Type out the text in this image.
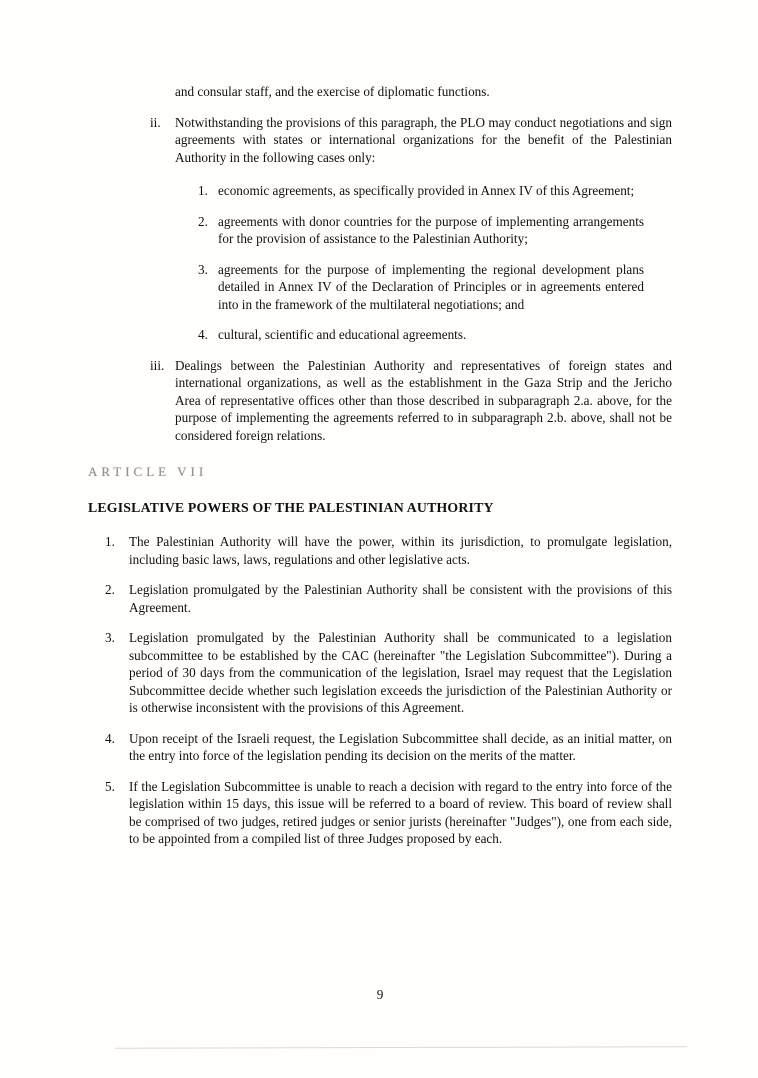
and consular staff, and the exercise of diplomatic functions.

ii.	Notwithstanding the provisions of this paragraph, the PLO may conduct negotiations and sign agreements with states or international organizations for the benefit of the Palestinian Authority in the following cases only:
1. economic agreements, as specifically provided in Annex IV of this Agreement;
2. agreements with donor countries for the purpose of implementing arrangements for the provision of assistance to the Palestinian Authority;
3. agreements for the purpose of implementing the regional development plans detailed in Annex IV of the Declaration of Principles or in agreements entered into in the framework of the multilateral negotiations; and
4. cultural, scientific and educational agreements.
iii. Dealings between the Palestinian Authority and representatives of foreign states and international organizations, as well as the establishment in the Gaza Strip and the Jericho Area of representative offices other than those described in subparagraph 2.a. above, for the purpose of implementing the agreements referred to in subparagraph 2.b. above, shall not be considered foreign relations.
ARTICLE VII
LEGISLATIVE POWERS OF THE PALESTINIAN AUTHORITY
1.	The Palestinian Authority will have the power, within its jurisdiction, to promulgate legislation, including basic laws, laws, regulations and other legislative acts.
2.	Legislation promulgated by the Palestinian Authority shall be consistent with the provisions of this Agreement.
3.	Legislation promulgated by the Palestinian Authority shall be communicated to a legislation subcommittee to be established by the CAC (hereinafter "the Legislation Subcommittee"). During a period of 30 days from the communication of the legislation, Israel may request that the Legislation Subcommittee decide whether such legislation exceeds the jurisdiction of the Palestinian Authority or is otherwise inconsistent with the provisions of this Agreement.
4.	Upon receipt of the Israeli request, the Legislation Subcommittee shall decide, as an initial matter, on the entry into force of the legislation pending its decision on the merits of the matter.
5.	If the Legislation Subcommittee is unable to reach a decision with regard to the entry into force of the legislation within 15 days, this issue will be referred to a board of review. This board of review shall be comprised of two judges, retired judges or senior jurists (hereinafter "Judges"), one from each side, to be appointed from a compiled list of three Judges proposed by each.
9
